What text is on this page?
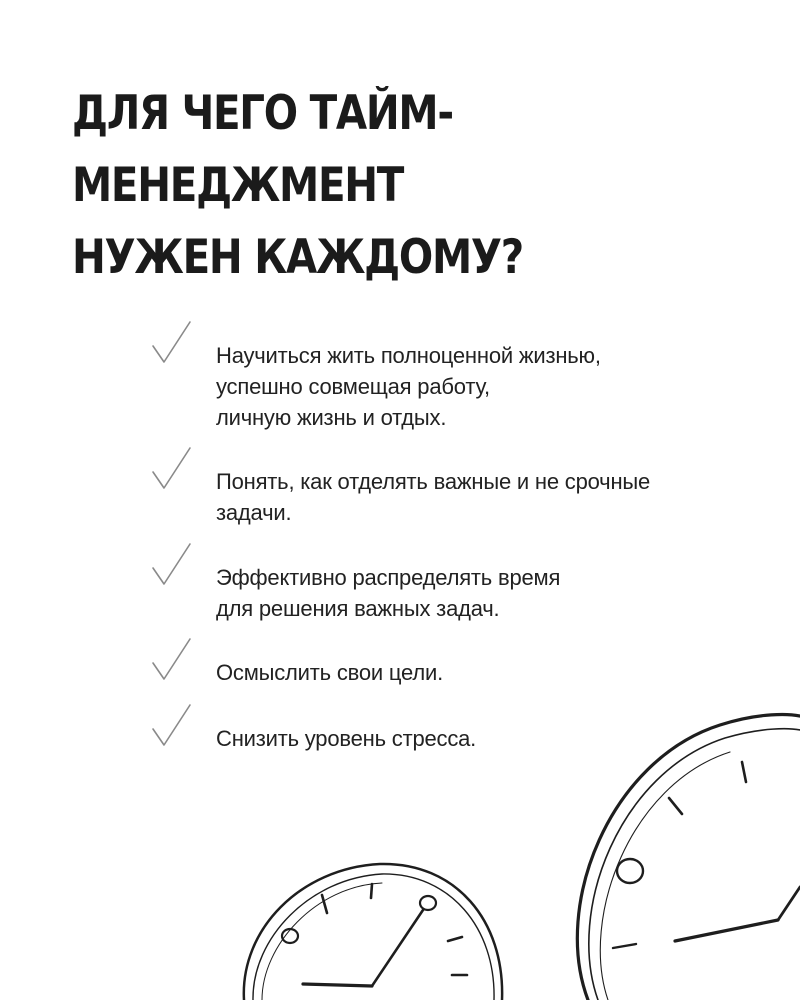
ДЛЯ ЧЕГО ТАЙМ-
МЕНЕДЖМЕНТ
НУЖЕН КАЖДОМУ?
Научиться жить полноценной жизнью,
успешно совмещая работу,
личную жизнь и отдых.
Понять, как отделять важные и не срочные
задачи.
Эффективно распределять время
для решения важных задач.
Осмыслить свои цели.
Снизить уровень стресса.
